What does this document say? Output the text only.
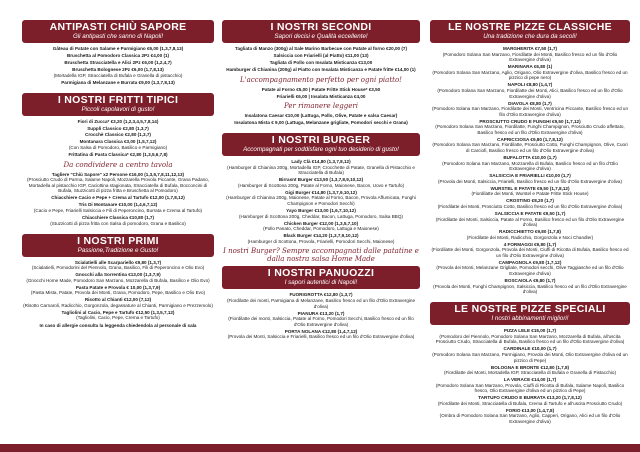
ANTIPASTI CHIÙ SAPORE
Gli antipasti che sanno di Napoli!
Gâteau di Patate con Salame e Parmigiano €6,00 (1,3,7,8,13)
Bruschetta al Pomodoro Classica 2Pz €4,00 (1)
Bruschetta Stracciatella e Alici 2Pz €6,00 (1,2,4,7)
Bruschetta Bolognese 2Pz €6,00 (1,7,8,13)
(Mortadella IGP, Stracciatella di Bufala e Granella di pistacchio)
Parmigiana di Melanzane e Burrata €9,00 (1,3,7,8,13)
I NOSTRI FRITTI TIPICI
Piccoli capolavori di gusto!
Fiori di Zucca* €3,20 (1,2,3,4,5,7,8,14)
Supplì Classico €2,80 (1,3,7)
Crocchè Classico €2,80 (1,3,7)
Montanara Classica €3,00 (1,5,7,12)
(Con Salsa di Pomodoro, Basilico e Parmigiano)
Frittatina di Pasta Classica* €2,80 (1,3,5,6,7,8)
Da condividere a centro tavola
Tagliere "Chiù Sapore" x2 Persone €16,00 (1,3,5,7,8,11,12,13)
(Prosciutto Crudo di Parma, Salame Napoli, Mozzarella Provola Piccante, Grana Padano, Mortadella al pistacchio IGP, Caciottina stagionata, Stracciatella di Bufala, Bocconcini di Bufala, Stuzzicotti di pizza fritta e Bruschetta al Pomodoro)
Chiacchiere Cacio e Pepe + Crema al Tartufo €12,00 (1,7,8,12)
Tris Di Montanare €10,00 (1,4,6,7,12)
(Cacio e Pepe, Friarielli Salsiccia e Fili di Peperoncino, Burrata e Crema al Tartufo)
Chiacchiere Classica €10,80 (1,7)
(Stuzzicotti di pizza fritta con Salsa di pomodoro, Grana e Basilico)
I NOSTRI PRIMI
Passione,Tradizione e Gusto!
Scialatielli alle Scarpariello €9,80 (1,3,7)
(Scialatielli, Pomodorini del Piennolo, Grana, Basilico, Fili di Peperoncino e Olio Evo)
Gnocchi alla Sorrentina €13,00 (1,3,7,9)
(Gnocchi Home Made, Pomodoro San Marzano, Mozzarella di Bufala, Basilico e Olio Evo)
Pasta Patate e Provola € 10,00 (1,3,7,9)
(Pasta Mista, Patate, Provola dei Monti, Grana, Pomodoro, Pepe, Basilico e Olio Evo)
Risotto al Chianti €12,00 (7,12)
(Risotto Carnaroli, Radicchio, Gorgonzola, degassature al Chianti, Parmigiano e Prezzemolo)
Tagliolini al Cacio, Pepe e Tartufo €12,50 (1,3,5,7,12)
(Tagliolini, Cacio, Pepe, Crema e Tartufo)
In caso di allergie consulta la leggenda chiedendola al personale di sala
I NOSTRI SECONDI
Sapori decisi e Qualità eccellente!
Tagliata di Manzo (300g) al Sale Marino Barbecue con Patate al forno €20,00 (7)
Salsiccia con Friarielli (al Piatto) €11,00 (13)
Tagliata di Pollo con Insalata Misticanza €13,00
Hamburger di Chianina (200g) al Piatto con Insalata Misticanza e Patate fritte €14,00 (1)
L'accompagnamento perfetto per ogni piatto!
Patate al Forno €5,00 | Patate Fritte Stick House* €3,50
Friarielli €6,00 | Insalata Misticanza €4,00
Per rimanere leggeri
Insalatona Caesar €10,00 (Lattuga, Pollo, Olive, Patate e salsa Caesar)
Insalatona Mista € 9,00 (Lattuga, Melanzane grigliate, Pomodori secchi e Grana)
I NOSTRI BURGER
Accompagnati per soddisfare ogni tuo desiderio di gusto!
Lady Clà €14,80 (1,3,7,8,12)
(Hamburger di Chianina 200g, Mortadella IGP, Crocchette di Patate, Granella di Pistacchio e Stracciatella di Bufala)
Birrasnt Burger €13,50 (1,3,7,8,9,10,12)
(Hamburger di Scottona 200g, Patate al Forno, Maionese, Bacon, Uovo e Tartufo)
Gigi Burger €14,80 (1,3,7,9,10,12)
(Hamburger di Chianina 200g, Maionese, Patate al Forno, Bacon, Provola Affumicata, Funghi Champignon e Pomodori Secchi)
Yayo Burger €13,00 (1,6,7,10,12)
(Hamburger di Scottona 200g, Cheddar, Bacon, Lattuga, Pomodoro, Salsa BBQ)
Chicken Burger €12,00 (1,3,5,7,10)
(Pollo Panato, Cheddar, Pomodoro, Lattuga e Maionese)
Black Burger €14,20 (1,3,7,9,10,12)
(Hamburger di Scottona, Provola, Friarielli, Pomodori Secchi, Maionese)
I nostri Burger? Sempre accompagnati dalle patatine e dalla nostra salsa Home Made
I NOSTRI PANUOZZI
I sapori autentici di Napoli!
FUORIGROTTA €12,80 (1,3,7)
(Fiordilatte dei monti, Parmigiana di Melanzane, Basilico fresco ed un filo d'Olio Extravergine d'oliva)
PIANURA €13,20 (1,7)
(Fiordilatte dei monti, Salsiccia, Patate al Forno, Pomodori Secchi, Basilico fresco ed un filo d'Olio Extravergine d'oliva)
PORTA NOLANA €12,80 (1,4,7,12)
(Provola dei Monti, Salsiccia e Friarielli, Basilico fresco ed un filo d'Olio Extravergine d'oliva)
LE NOSTRE PIZZE CLASSICHE
Una tradizione che dura da secoli!
MARGHERITA €7,50 (1,7)
(Pomodoro Solana San Marzano, Fiordilatte dei Monti, Basilico fresco ed un filo d'Olio Extravergine d'oliva)
MARINARA €6,80 (1)
(Pomodoro Solana San Marzano, Aglio, Origano, Olio Extravergine d'oliva, Basilico fresco ed un pizzico di pepe nero)
NAPOLI €8,80 (1,4,7)
(Pomodoro Solana San Marzano, Fiordilatte dei Monti, Alici, Basilico fresco ed un filo d'Olio Extravergine d'oliva)
DIAVOLA €8,80 (1,7)
(Pomodoro Solana San Marzano, Fiordilatte dei Monti, Ventricina Piccante, Basilico fresco ed un filo d'Olio Extravergine d'oliva)
PROSCIUTTO CRUDO E FUNGHI €9,50 (1,7,12)
(Pomodoro Solana San Marzano, Fiordilatte, Funghi Champignon, Prosciutto Crudo affettato, Basilico fresco ed un filo d'Olio Extravergine d'oliva)
CAPRICCIOSA €9,80 (1,7,8,12)
(Pomodoro Solana San Marzano, Fiordilatte, Prosciutto Cotto, Funghi Champignon, Olive, Cuori di Carciofi, Basilico fresco ed un filo d'Olio Extravergine d'oliva)
BUFALOTTA €10,00 (1,7)
(Pomodoro Solana San Marzano, Mozzarella di Bufala, Basilico fresco ed un filo d'Olio Extravergine d'oliva)
SALSICCIA E FRIARIELLI €10,00 (1,7)
(Provola dei Monti, Salsiccia, Friarielli, Basilico fresco ed un filo d'Olio Extravergine d'oliva)
WURSTEL E PATATE €9,50 (1,7,8,12)
(Fiordilatte dei Monti, Wurstel e Patate Fritte Stick House)
CROSTINO €8,20 (1,7)
(Fiordilatte dei Monti, Prosciutto Cotto, Basilico fresco ed un filo d'Olio Extravergine d'oliva)
SALSICCIA E PATATE €9,50 (1,7)
(Fiordilatte dei Monti, Salsiccia, Patate al Forno, Basilico fresco ed un filo d'Olio Extravergine d'oliva)
RADICCHIETTO €9,80 (1,7,8)
(Fiordilatte dei Monti, Radicchio, Gorgonzola e Noci Chandler)
4 FORMAGGI €9,80 (1,7)
(Fiordilatte dei Monti, Gorgonzola, Provola dei Monti, Ciuffi di Ricotta di Bufala, Basilico fresco ed un filo d'Olio Extravergine d'oliva)
CAMPAGNOLA €9,80 (1,7,12)
(Provola dei Monti, Melanzane Grigliate, Pomodori secchi, Olive Taggiasche ed un filo d'Olio Extravergine d'oliva)
BOSCAIOLA €9,80 (1,7)
(Provola dei Monti, Funghi Champignon, Salsiccia, Basilico fresco ed un filo d'Olio Extravergine d'oliva)
LE NOSTRE PIZZE SPECIALI
I nostri abbinamenti migliori!
PIZZA LELE €15,00 (1,7)
(Pomodoro del Piennolo, Pomodoro Solana San Marzano, Mozzarella di Bufala, all'uscita Prosciutto Crudo, Stracciatella di Bufala, Basilico fresco ed un filo d'Olio Extravergine d'oliva)
CARDINALE €10,00 (1,7)
(Pomodoro Solana San Marzano, Parmigiano, Provola dei Monti, Olio Extravergine d'oliva ed un pizzico di Pepe)
BOLOGNA E BRONTE €12,80 (1,7,8)
(Fiordilatte dei Monti, Mortadella IGP, Stracciatella di Bufala e Granella di Pistacchio)
LA VERACE €14,00 (1,7)
(Pomodoro Solana San Marzano, Provola, Ciuffi di Ricotta di Bufala, Salame Napoli, Basilico fresco, Olio Extravergine d'oliva ed un pizzico di Pepe)
TARTUFO CRUDO E BURRATA €13,20 (1,7,8,12)
(Fiordilatte dei Monti, Stracciatella di Bufala, Crema di Tartufo e all'uscita Prosciutto Crudo)
FORIO €13,00 (1,4,7,8)
(Ombra di Pomodoro Solana San Marzano, Aglio, Capperi, Origano, Alici ed un filo d'Olio Extravergine d'oliva)
